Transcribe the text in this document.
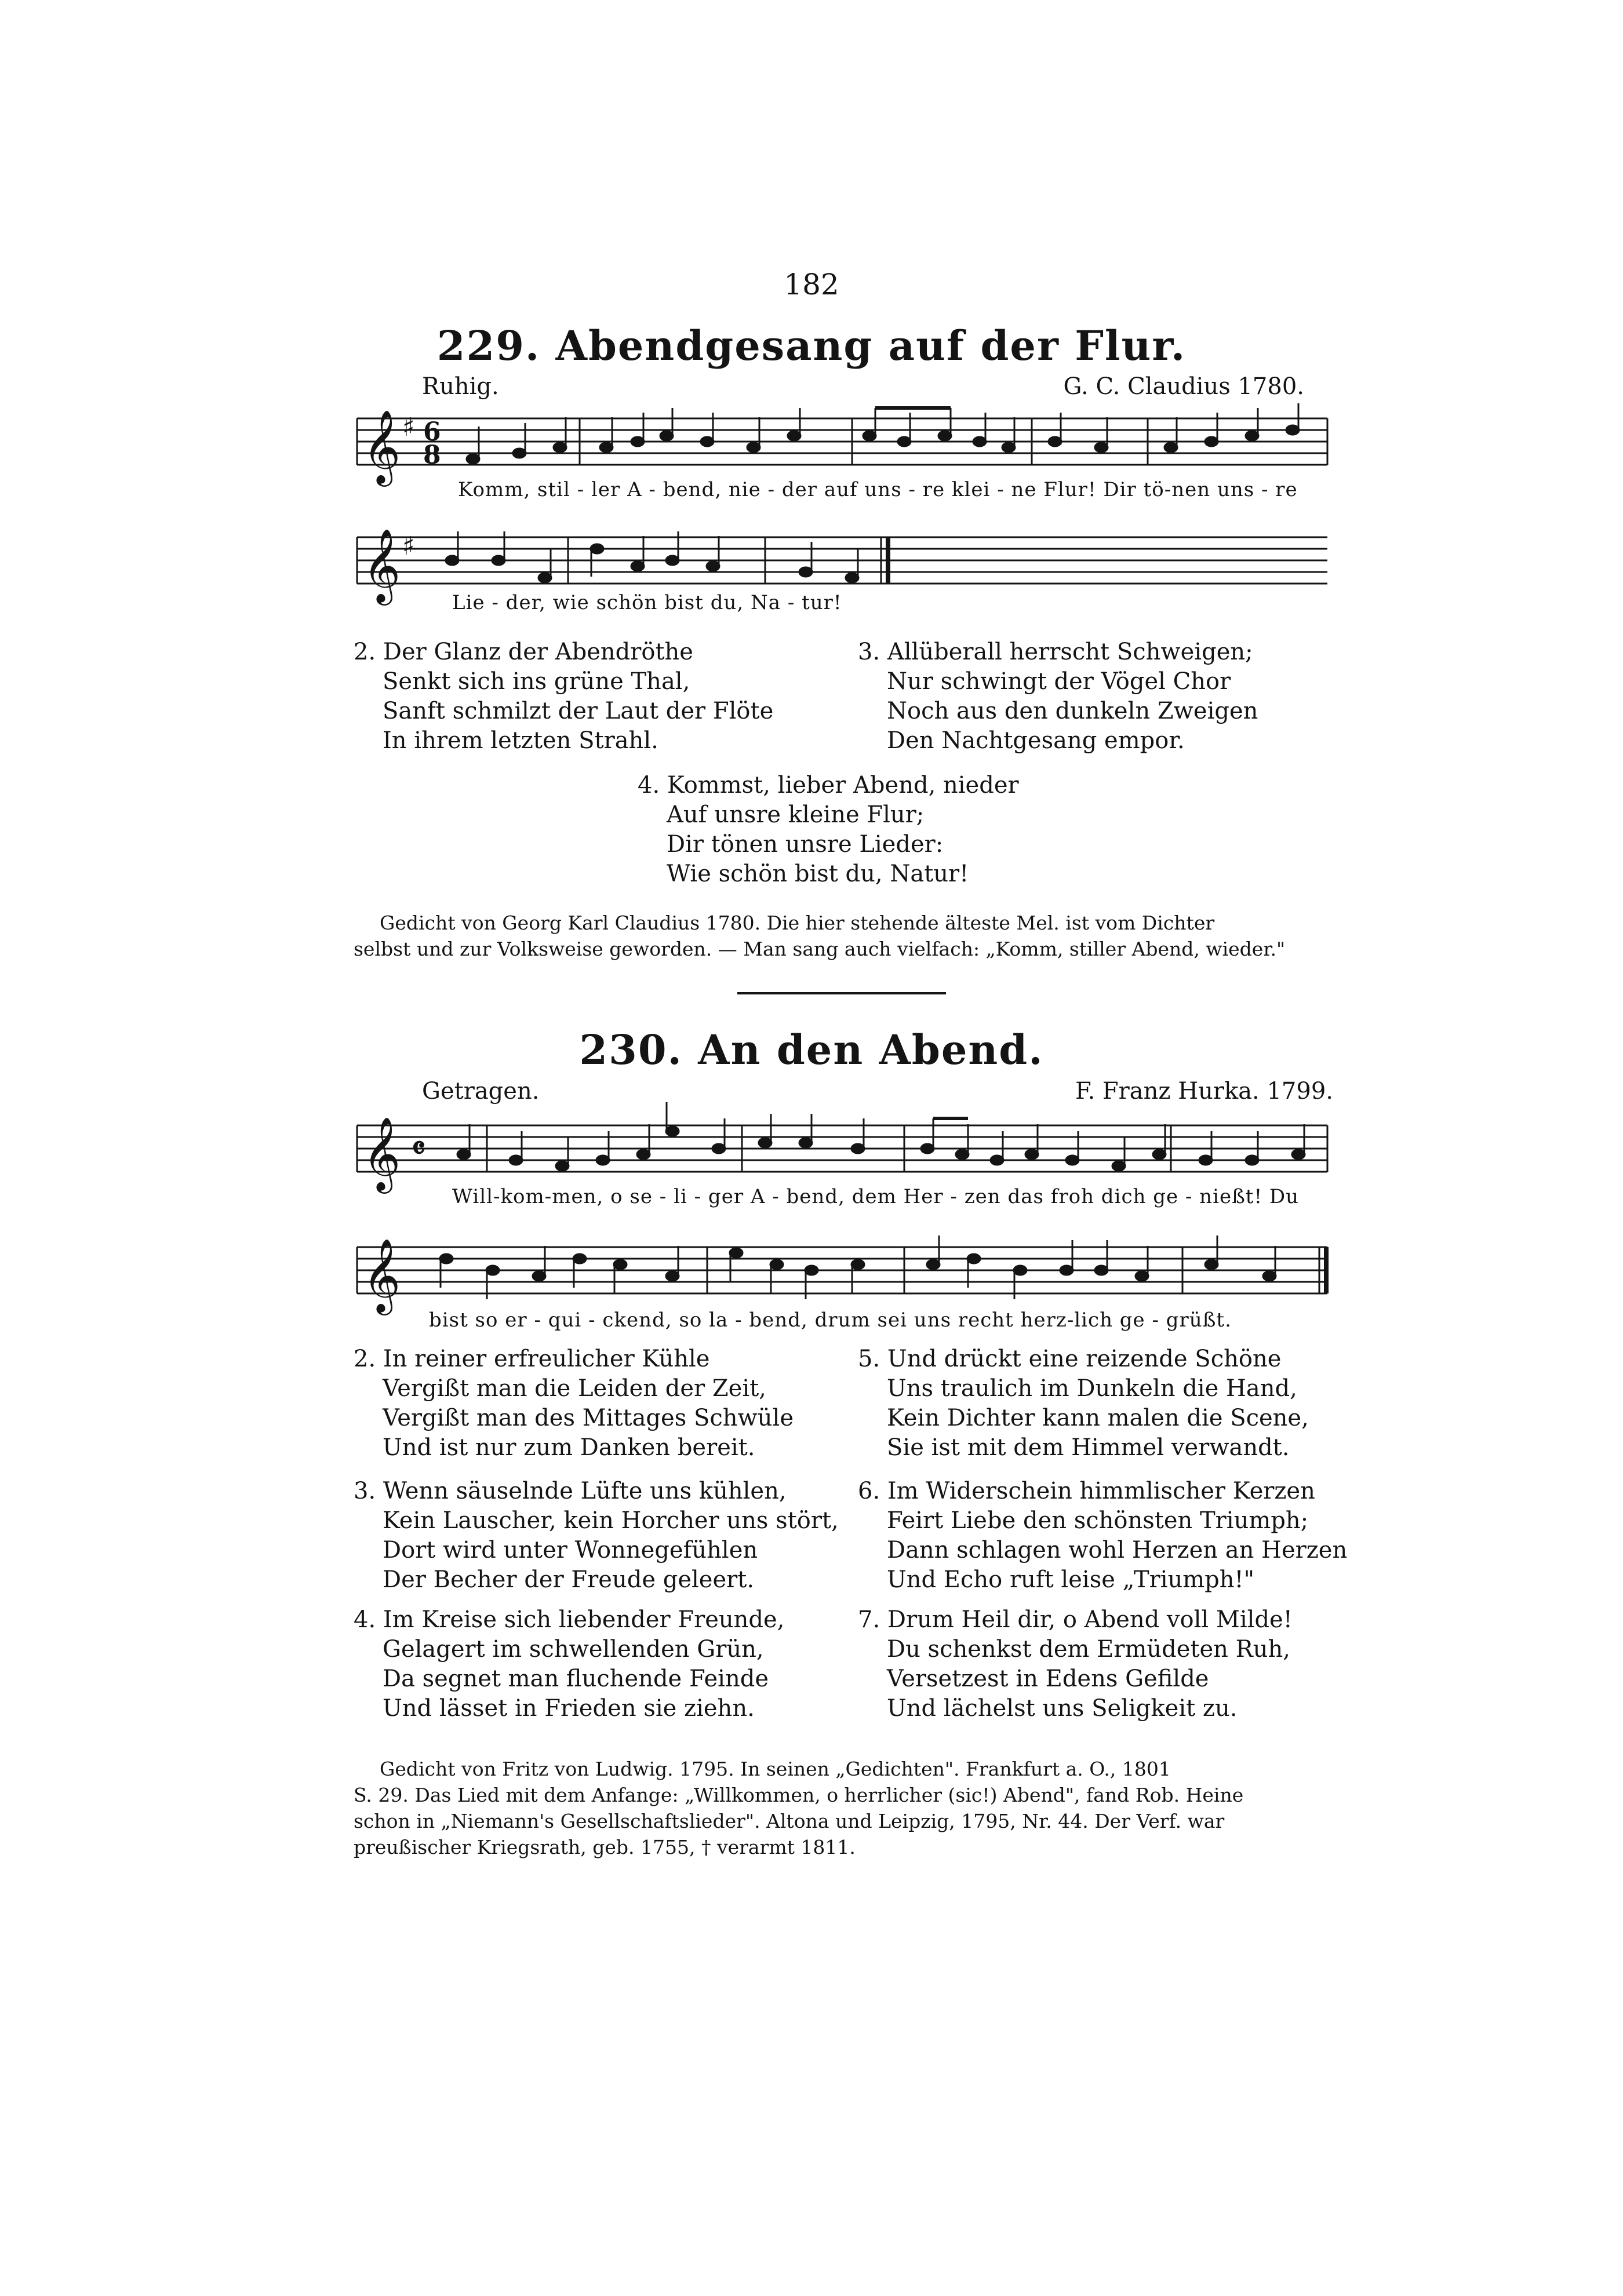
182
229. Abendgesang auf der Flur.
Ruhig.	G. C. Claudius 1780.
𝄞 ♯ 6
8
Komm, stil - ler A - bend, nie - der auf uns - re klei - ne Flur! Dir tö-nen uns - re
𝄞 ♯
Lie - der, wie schön bist du, Na - tur!
2. Der Glanz der Abendröthe
Senkt sich ins grüne Thal,
Sanft schmilzt der Laut der Flöte
In ihrem letzten Strahl.
3. Allüberall herrscht Schweigen;
Nur schwingt der Vögel Chor
Noch aus den dunkeln Zweigen
Den Nachtgesang empor.
4. Kommst, lieber Abend, nieder
Auf unsre kleine Flur;
Dir tönen unsre Lieder:
Wie schön bist du, Natur!
Gedicht von Georg Karl Claudius 1780. Die hier stehende älteste Mel. ist vom Dichter
selbst und zur Volksweise geworden. — Man sang auch vielfach: „Komm, stiller Abend, wieder."
230. An den Abend.
Getragen.	F. Franz Hurka. 1799.
𝄞 𝄴
Will-kom-men, o se - li - ger A - bend, dem Her - zen das froh dich ge - nießt! Du
𝄞
bist so er - qui - ckend, so la - bend, drum sei uns recht herz-lich ge - grüßt.
2. In reiner erfreulicher Kühle
Vergißt man die Leiden der Zeit,
Vergißt man des Mittages Schwüle
Und ist nur zum Danken bereit.
5. Und drückt eine reizende Schöne
Uns traulich im Dunkeln die Hand,
Kein Dichter kann malen die Scene,
Sie ist mit dem Himmel verwandt.
3. Wenn säuselnde Lüfte uns kühlen,
Kein Lauscher, kein Horcher uns stört,
Dort wird unter Wonnegefühlen
Der Becher der Freude geleert.
6. Im Widerschein himmlischer Kerzen
Feirt Liebe den schönsten Triumph;
Dann schlagen wohl Herzen an Herzen
Und Echo ruft leise „Triumph!"
4. Im Kreise sich liebender Freunde,
Gelagert im schwellenden Grün,
Da segnet man fluchende Feinde
Und lässet in Frieden sie ziehn.
7. Drum Heil dir, o Abend voll Milde!
Du schenkst dem Ermüdeten Ruh,
Versetzest in Edens Gefilde
Und lächelst uns Seligkeit zu.
Gedicht von Fritz von Ludwig. 1795. In seinen „Gedichten". Frankfurt a. O., 1801
S. 29. Das Lied mit dem Anfange: „Willkommen, o herrlicher (sic!) Abend", fand Rob. Heine
schon in „Niemann's Gesellschaftslieder". Altona und Leipzig, 1795, Nr. 44. Der Verf. war
preußischer Kriegsrath, geb. 1755, † verarmt 1811.
